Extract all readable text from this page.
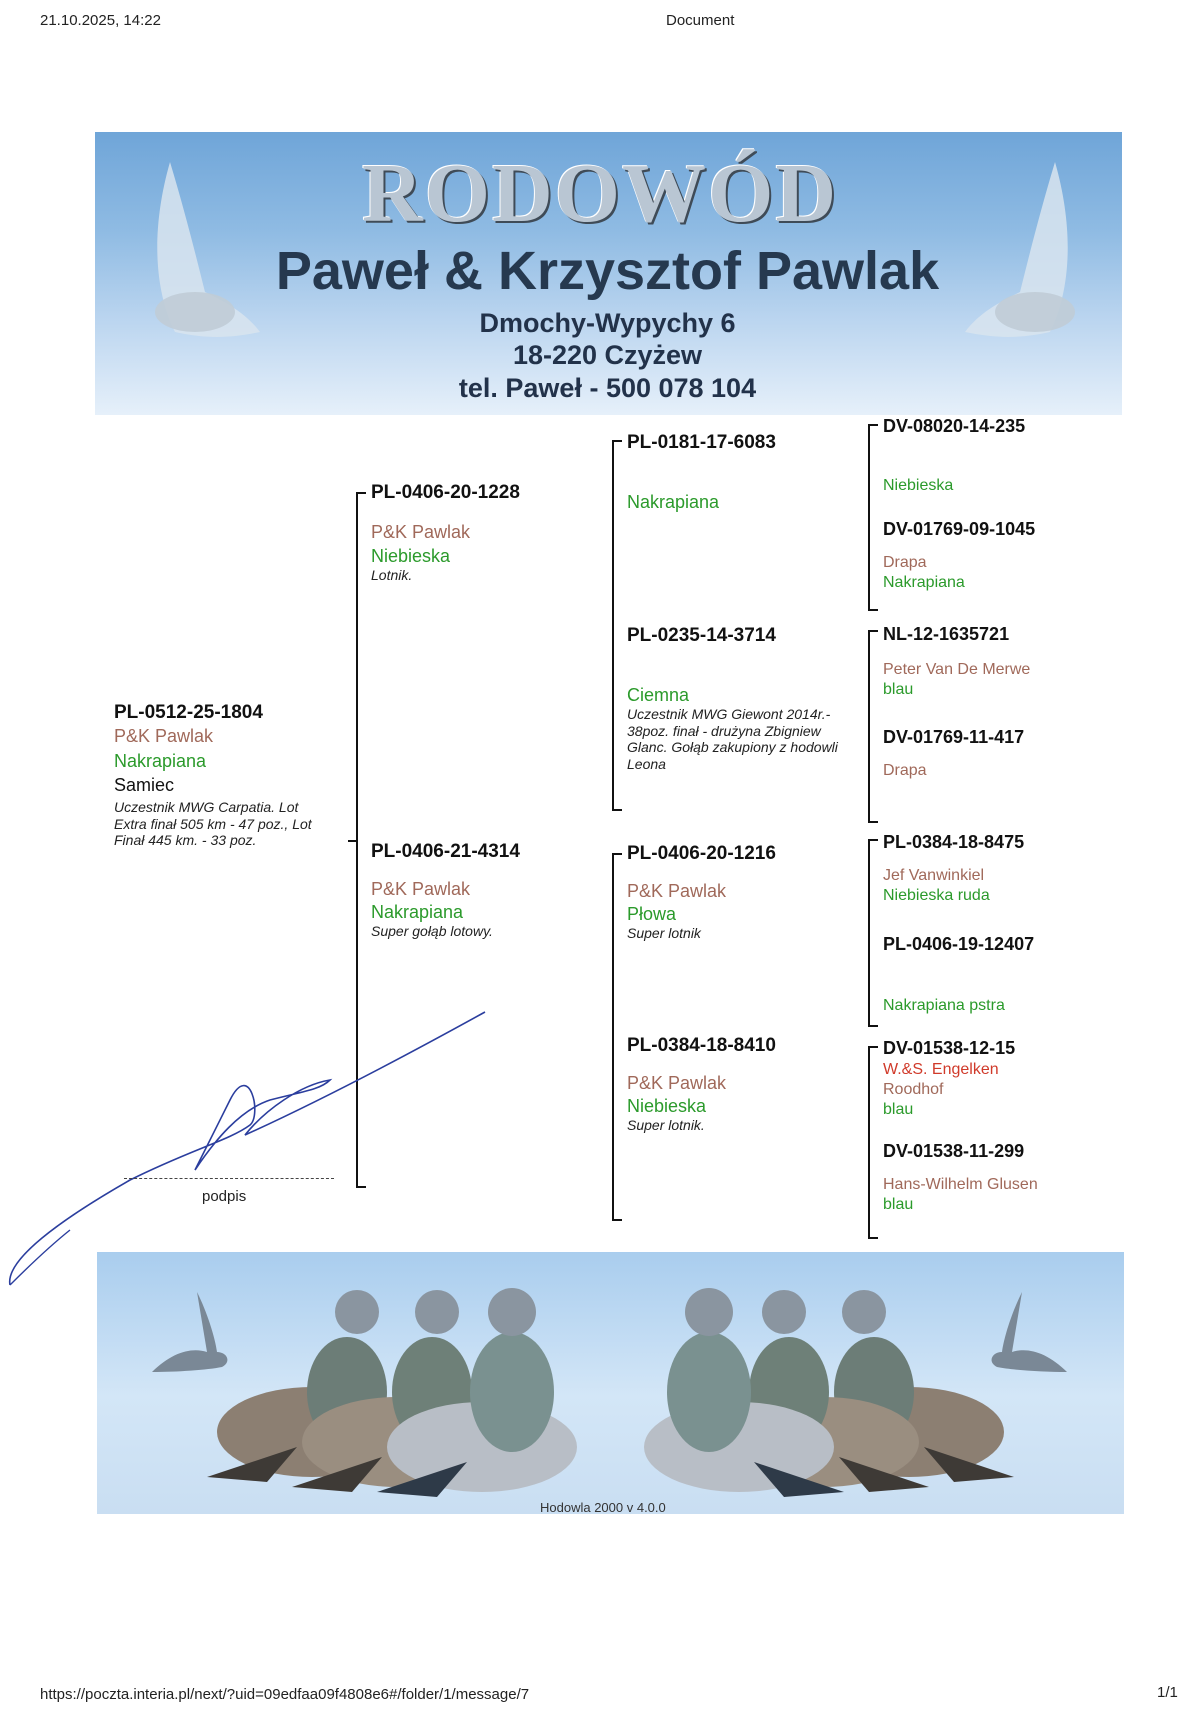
21.10.2025, 14:22	Document
RODOWÓD
Paweł & Krzysztof Pawlak
Dmochy-Wypychy 6
18-220 Czyżew
tel. Paweł - 500 078 104
PL-0512-25-1804
P&K Pawlak
Nakrapiana
Samiec
Uczestnik MWG Carpatia. Lot Extra finał 505 km - 47 poz., Lot Finał 445 km. - 33 poz.
podpis
PL-0406-20-1228
P&K Pawlak
Niebieska
Lotnik.
PL-0406-21-4314
P&K Pawlak
Nakrapiana
Super gołąb lotowy.
PL-0181-17-6083
Nakrapiana
PL-0235-14-3714
Ciemna
Uczestnik MWG Giewont 2014r.- 38poz. finał - drużyna Zbigniew Glanc. Gołąb zakupiony z hodowli Leona
PL-0406-20-1216
P&K Pawlak
Płowa
Super lotnik
PL-0384-18-8410
P&K Pawlak
Niebieska
Super lotnik.
DV-08020-14-235
Niebieska
DV-01769-09-1045
Drapa
Nakrapiana
NL-12-1635721
Peter Van De Merwe
blau
DV-01769-11-417
Drapa
PL-0384-18-8475
Jef Vanwinkiel
Niebieska ruda
PL-0406-19-12407
Nakrapiana pstra
DV-01538-12-15
W.&S. Engelken
Roodhof
blau
DV-01538-11-299
Hans-Wilhelm Glusen
blau
Hodowla 2000 v 4.0.0
https://poczta.interia.pl/next/?uid=09edfaa09f4808e6#/folder/1/message/7	1/1
